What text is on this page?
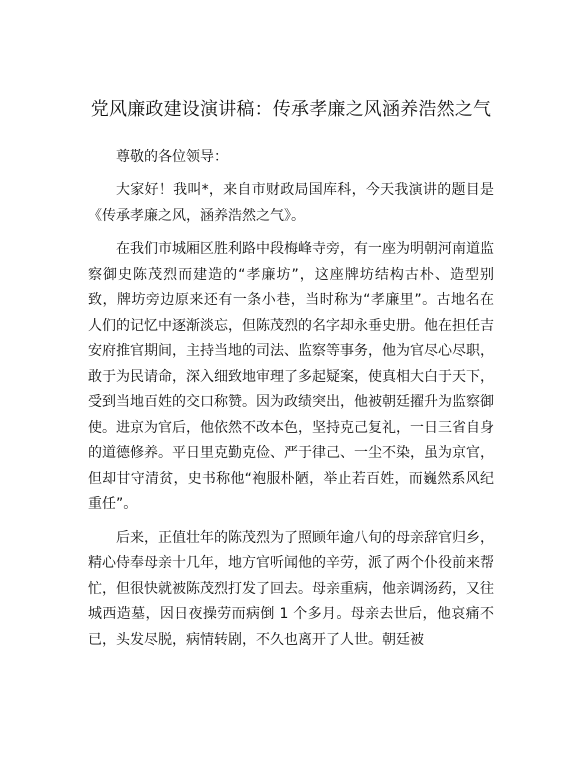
党风廉政建设演讲稿：传承孝廉之风涵养浩然之气

尊敬的各位领导：

大家好！我叫*，来自市财政局国库科，今天我演讲的题目是《传承孝廉之风，涵养浩然之气》。

在我们市城厢区胜利路中段梅峰寺旁，有一座为明朝河南道监察御史陈茂烈而建造的“孝廉坊”，这座牌坊结构古朴、造型别致，牌坊旁边原来还有一条小巷，当时称为“孝廉里”。古地名在人们的记忆中逐渐淡忘，但陈茂烈的名字却永垂史册。他在担任吉安府推官期间，主持当地的司法、监察等事务，他为官尽心尽职，敢于为民请命，深入细致地审理了多起疑案，使真相大白于天下，受到当地百姓的交口称赞。因为政绩突出，他被朝廷擢升为监察御使。进京为官后，他依然不改本色，坚持克己复礼，一日三省自身的道德修养。平日里克勤克俭、严于律己、一尘不染，虽为京官，但却甘守清贫，史书称他“袍服朴陋，举止若百姓，而巍然系风纪重任”。

后来，正值壮年的陈茂烈为了照顾年逾八旬的母亲辞官归乡，精心侍奉母亲十几年，地方官听闻他的辛劳，派了两个仆役前来帮忙，但很快就被陈茂烈打发了回去。母亲重病，他亲调汤药，又往城西造墓，因日夜操劳而病倒 1 个多月。母亲去世后，他哀痛不已，头发尽脱，病情转剧，不久也离开了人世。朝廷被
